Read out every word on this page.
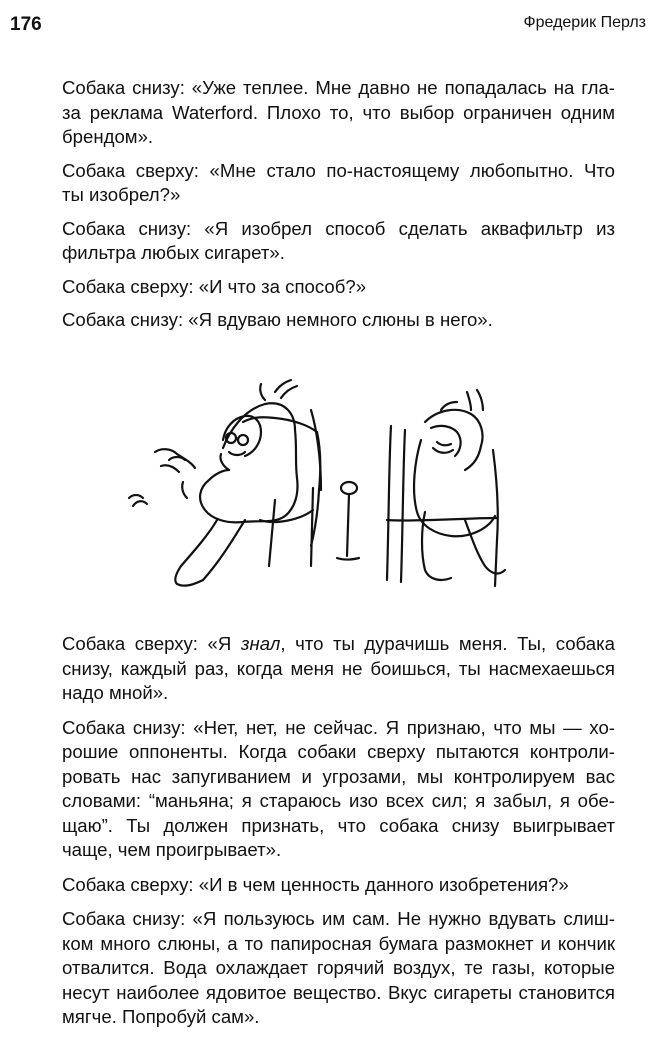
176	Фредерик Перлз

Собака снизу: «Уже теплее. Мне давно не попадалась на гла-
за реклама Waterford. Плохо то, что выбор ограничен одним
брендом».

Собака сверху: «Мне стало по-настоящему любопытно. Что
ты изобрел?»

Собака снизу: «Я изобрел способ сделать аквафильтр из
фильтра любых сигарет».

Собака сверху: «И что за способ?»

Собака снизу: «Я вдуваю немного слюны в него».

Собака сверху: «Я знал, что ты дурачишь меня. Ты, собака
снизу, каждый раз, когда меня не боишься, ты насмехаешься
надо мной».

Собака снизу: «Нет, нет, не сейчас. Я признаю, что мы — хо-
рошие оппоненты. Когда собаки сверху пытаются контроли-
ровать нас запугиванием и угрозами, мы контролируем вас
словами: “маньяна; я стараюсь изо всех сил; я забыл, я обе-
щаю”. Ты должен признать, что собака снизу выигрывает
чаще, чем проигрывает».

Собака сверху: «И в чем ценность данного изобретения?»

Собака снизу: «Я пользуюсь им сам. Не нужно вдувать слиш-
ком много слюны, а то папиросная бумага размокнет и кончик
отвалится. Вода охлаждает горячий воздух, те газы, которые
несут наиболее ядовитое вещество. Вкус сигареты становится
мягче. Попробуй сам».
